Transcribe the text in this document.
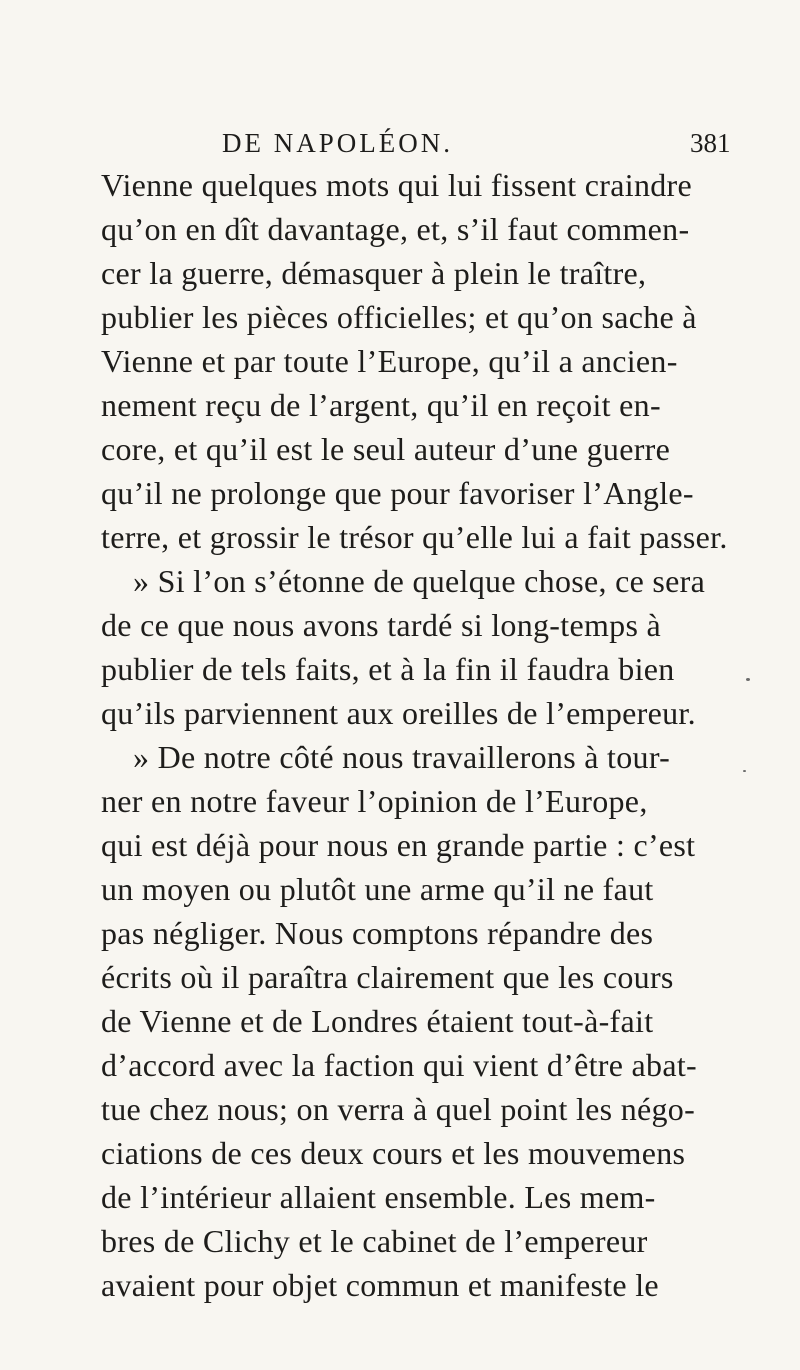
DE NAPOLÉON.	381
Vienne quelques mots qui lui fissent craindre
qu’on en dît davantage, et, s’il faut commen-
cer la guerre, démasquer à plein le traître,
publier les pièces officielles; et qu’on sache à
Vienne et par toute l’Europe, qu’il a ancien-
nement reçu de l’argent, qu’il en reçoit en-
core, et qu’il est le seul auteur d’une guerre
qu’il ne prolonge que pour favoriser l’Angle-
terre, et grossir le trésor qu’elle lui a fait passer.
» Si l’on s’étonne de quelque chose, ce sera
de ce que nous avons tardé si long-temps à
publier de tels faits, et à la fin il faudra bien
qu’ils parviennent aux oreilles de l’empereur.
» De notre côté nous travaillerons à tour-
ner en notre faveur l’opinion de l’Europe,
qui est déjà pour nous en grande partie : c’est
un moyen ou plutôt une arme qu’il ne faut
pas négliger. Nous comptons répandre des
écrits où il paraîtra clairement que les cours
de Vienne et de Londres étaient tout-à-fait
d’accord avec la faction qui vient d’être abat-
tue chez nous; on verra à quel point les négo-
ciations de ces deux cours et les mouvemens
de l’intérieur allaient ensemble. Les mem-
bres de Clichy et le cabinet de l’empereur
avaient pour objet commun et manifeste le
